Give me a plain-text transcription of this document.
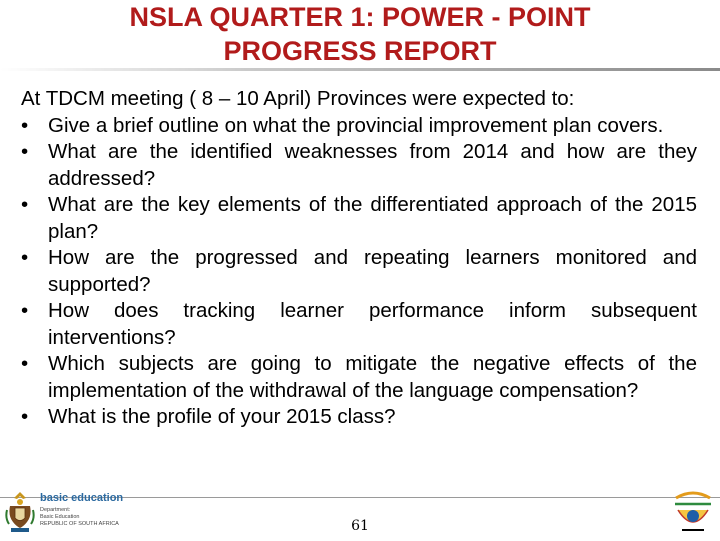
NSLA QUARTER 1: POWER - POINT
PROGRESS REPORT

At TDCM meeting ( 8 – 10 April) Provinces were expected to:

• Give a brief outline on what the provincial improvement plan covers.
• What are the identified weaknesses from 2014 and how are they addressed?
• What are the key elements of the differentiated approach of the 2015 plan?
• How are the progressed and repeating learners monitored and supported?
• How does tracking learner performance inform subsequent interventions?
• Which subjects are going to mitigate the negative effects of the implementation of the withdrawal of the language compensation?
• What is the profile of your 2015 class?
basic education
Department:
Basic Education
REPUBLIC OF SOUTH AFRICA	61
